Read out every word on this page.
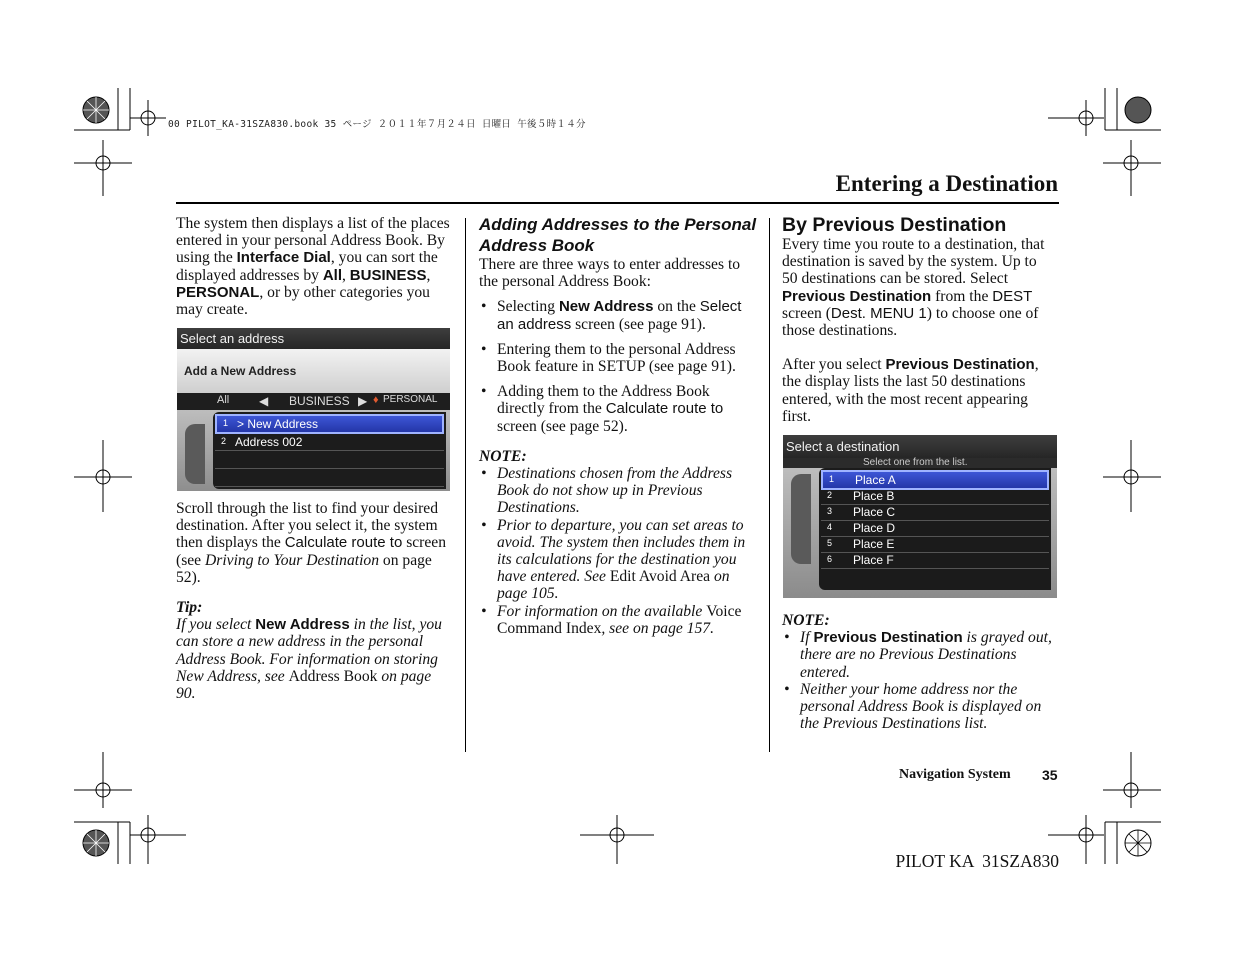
00 PILOT_KA-31SZA830.book 35 ページ ２０１１年７月２４日 日曜日 午後５時１４分
Entering a Destination

The system then displays a list of the places entered in your personal Address Book. By using the Interface Dial, you can sort the displayed addresses by All, BUSINESS, PERSONAL, or by other categories you may create.

Select an address
Add a New Address
All ◀ BUSINESS ▶ ♦ PERSONAL
1 > New Address
2 Address 002

Scroll through the list to find your desired destination. After you select it, the system then displays the Calculate route to screen (see Driving to Your Destination on page 52).

Tip:

If you select New Address in the list, you can store a new address in the personal Address Book. For information on storing New Address, see Address Book on page 90.

Adding Addresses to the Personal Address Book

There are three ways to enter addresses to the personal Address Book:

• Selecting New Address on the Select an address screen (see page 91).
• Entering them to the personal Address Book feature in SETUP (see page 91).
• Adding them to the Address Book directly from the Calculate route to screen (see page 52).

NOTE:

• Destinations chosen from the Address Book do not show up in Previous Destinations.
• Prior to departure, you can set areas to avoid. The system then includes them in its calculations for the destination you have entered. See Edit Avoid Area on page 105.
• For information on the available Voice Command Index, see on page 157.

By Previous Destination

Every time you route to a destination, that destination is saved by the system. Up to 50 destinations can be stored. Select Previous Destination from the DEST screen (Dest. MENU 1) to choose one of those destinations.

After you select Previous Destination, the display lists the last 50 destinations entered, with the most recent appearing first.

Select a destination
Select one from the list.
1 Place A
2 Place B
3 Place C
4 Place D
5 Place E
6 Place F

NOTE:

• If Previous Destination is grayed out, there are no Previous Destinations entered.
• Neither your home address nor the personal Address Book is displayed on the Previous Destinations list.
Navigation System 35
PILOT KA  31SZA830
